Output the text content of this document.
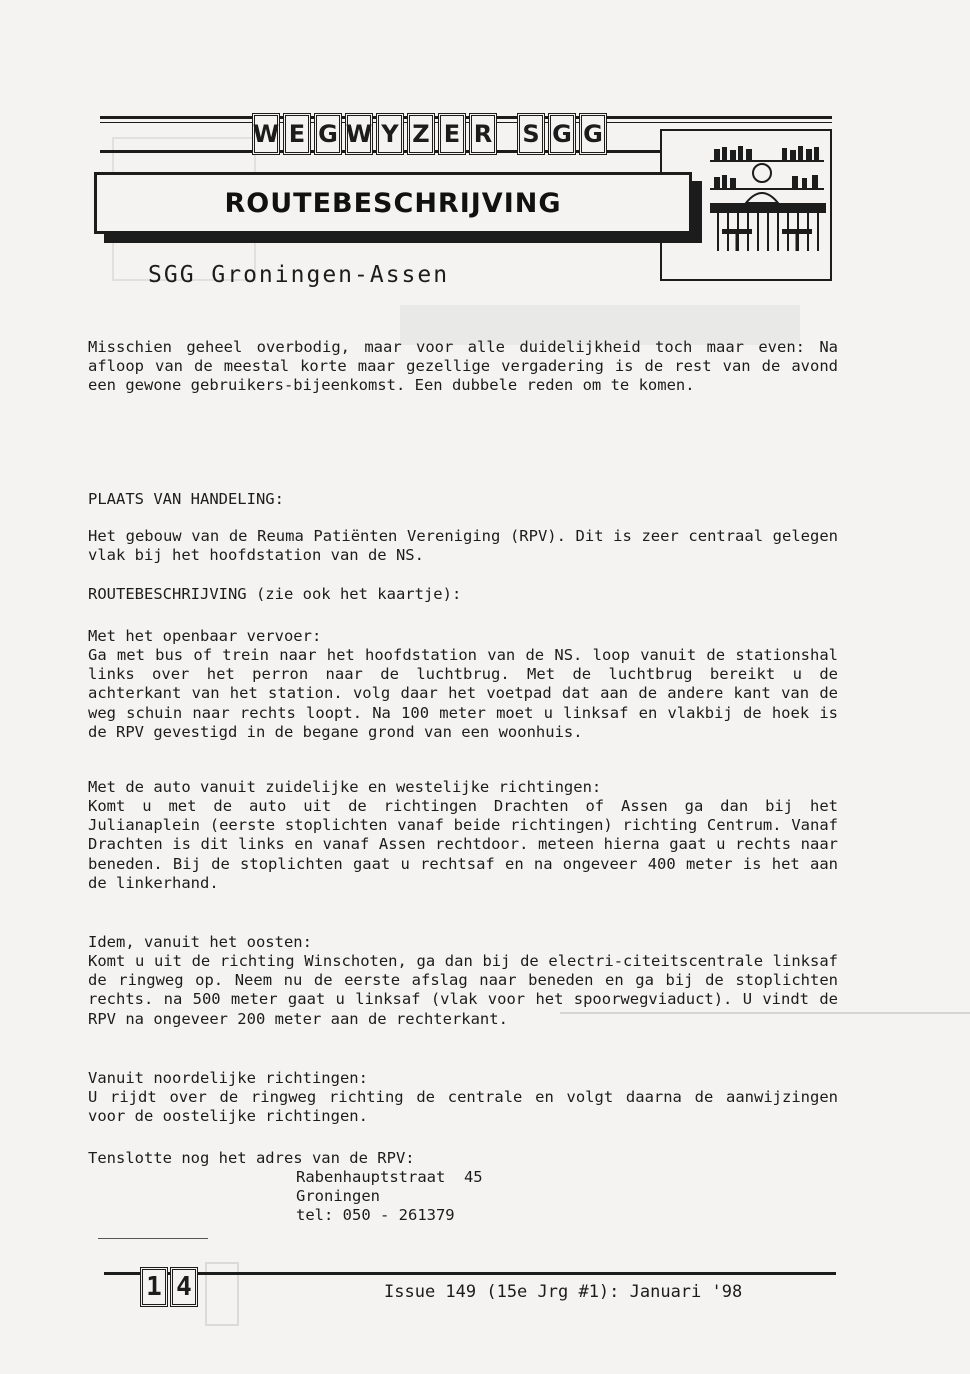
W E G W Y Z E R S G G
ROUTEBESCHRIJVING
SGG Groningen-Assen

Misschien geheel overbodig, maar voor alle duidelijkheid toch maar even: Na afloop van de meestal korte maar gezellige vergadering is de rest van de avond een gewone gebruikers-bijeenkomst. Een dubbele reden om te komen.

PLAATS VAN HANDELING:

Het gebouw van de Reuma Patiënten Vereniging (RPV). Dit is zeer centraal gelegen vlak bij het hoofdstation van de NS.

ROUTEBESCHRIJVING (zie ook het kaartje):

Met het openbaar vervoer:

Ga met bus of trein naar het hoofdstation van de NS. loop vanuit de stationshal links over het perron naar de luchtbrug. Met de luchtbrug bereikt u de achterkant van het station. volg daar het voetpad dat aan de andere kant van de weg schuin naar rechts loopt. Na 100 meter moet u linksaf en vlakbij de hoek is de RPV gevestigd in de begane grond van een woonhuis.

Met de auto vanuit zuidelijke en westelijke richtingen:

Komt u met de auto uit de richtingen Drachten of Assen ga dan bij het Julianaplein (eerste stoplichten vanaf beide richtingen) richting Centrum. Vanaf Drachten is dit links en vanaf Assen rechtdoor. meteen hierna gaat u rechts naar beneden. Bij de stoplichten gaat u rechtsaf en na ongeveer 400 meter is het aan de linkerhand.

Idem, vanuit het oosten:

Komt u uit de richting Winschoten, ga dan bij de electri-citeitscentrale linksaf de ringweg op. Neem nu de eerste afslag naar beneden en ga bij de stoplichten rechts. na 500 meter gaat u linksaf (vlak voor het spoorwegviaduct). U vindt de RPV na ongeveer 200 meter aan de rechterkant.

Vanuit noordelijke richtingen:

U rijdt over de ringweg richting de centrale en volgt daarna de aanwijzingen voor de oostelijke richtingen.

Tenslotte nog het adres van de RPV:

Rabenhauptstraat  45

Groningen

tel: 050 - 261379

1 4	Issue 149 (15e Jrg #1): Januari '98
